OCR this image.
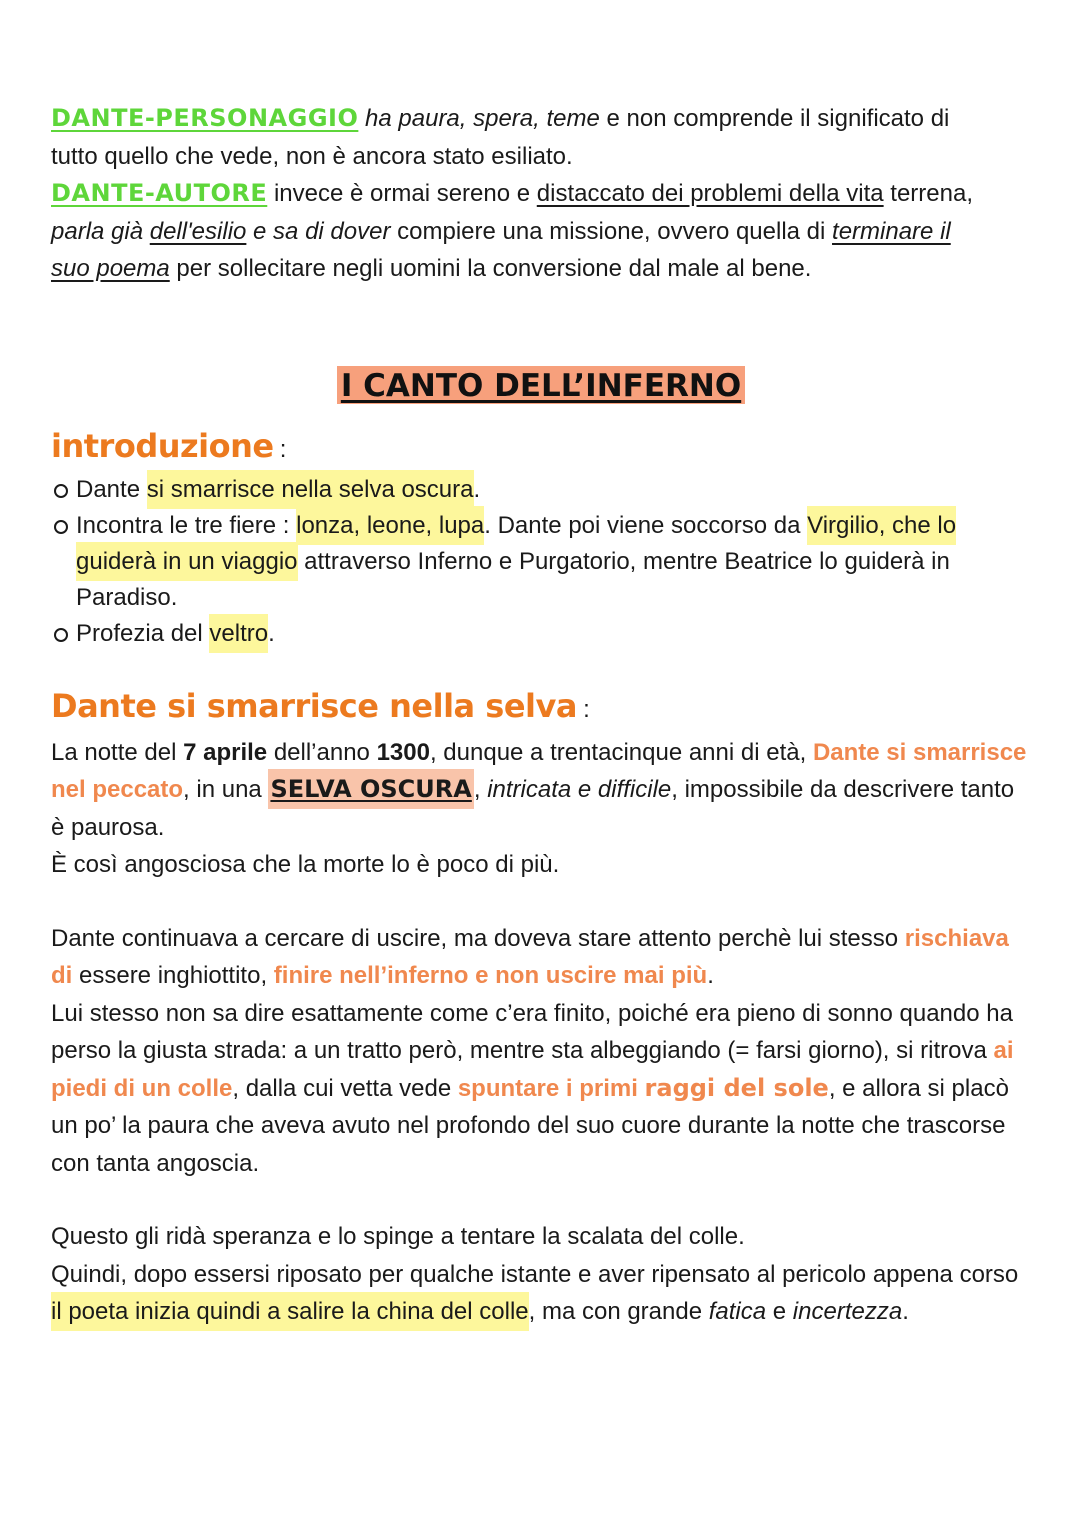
DANTE-PERSONAGGIO ha paura, spera, teme e non comprende il significato di
tutto quello che vede, non è ancora stato esiliato.

DANTE-AUTORE invece è ormai sereno e distaccato dei problemi della vita terrena,
parla già dell'esilio e sa di dover compiere una missione, ovvero quella di terminare il
suo poema per sollecitare negli uomini la conversione dal male al bene.

I CANTO DELL’INFERNO
introduzione :
Dante si smarrisce nella selva oscura.
Incontra le tre fiere : lonza, leone, lupa. Dante poi viene soccorso da Virgilio, che lo guiderà in un viaggio attraverso Inferno e Purgatorio, mentre Beatrice lo guiderà in Paradiso.
Profezia del veltro.
Dante si smarrisce nella selva :

La notte del 7 aprile dell’anno 1300, dunque a trentacinque anni di età, Dante si smarrisce nel peccato, in una SELVA OSCURA, intricata e difficile, impossibile da descrivere tanto è paurosa.
È così angosciosa che la morte lo è poco di più.

Dante continuava a cercare di uscire, ma doveva stare attento perchè lui stesso rischiava di essere inghiottito, finire nell’inferno e non uscire mai più.
Lui stesso non sa dire esattamente come c’era finito, poiché era pieno di sonno quando ha perso la giusta strada: a un tratto però, mentre sta albeggiando (= farsi giorno), si ritrova ai piedi di un colle, dalla cui vetta vede spuntare i primi raggi del sole, e allora si placò un po’ la paura che aveva avuto nel profondo del suo cuore durante la notte che trascorse con tanta angoscia.

Questo gli ridà speranza e lo spinge a tentare la scalata del colle.
Quindi, dopo essersi riposato per qualche istante e aver ripensato al pericolo appena corso il poeta inizia quindi a salire la china del colle, ma con grande fatica e incertezza.
